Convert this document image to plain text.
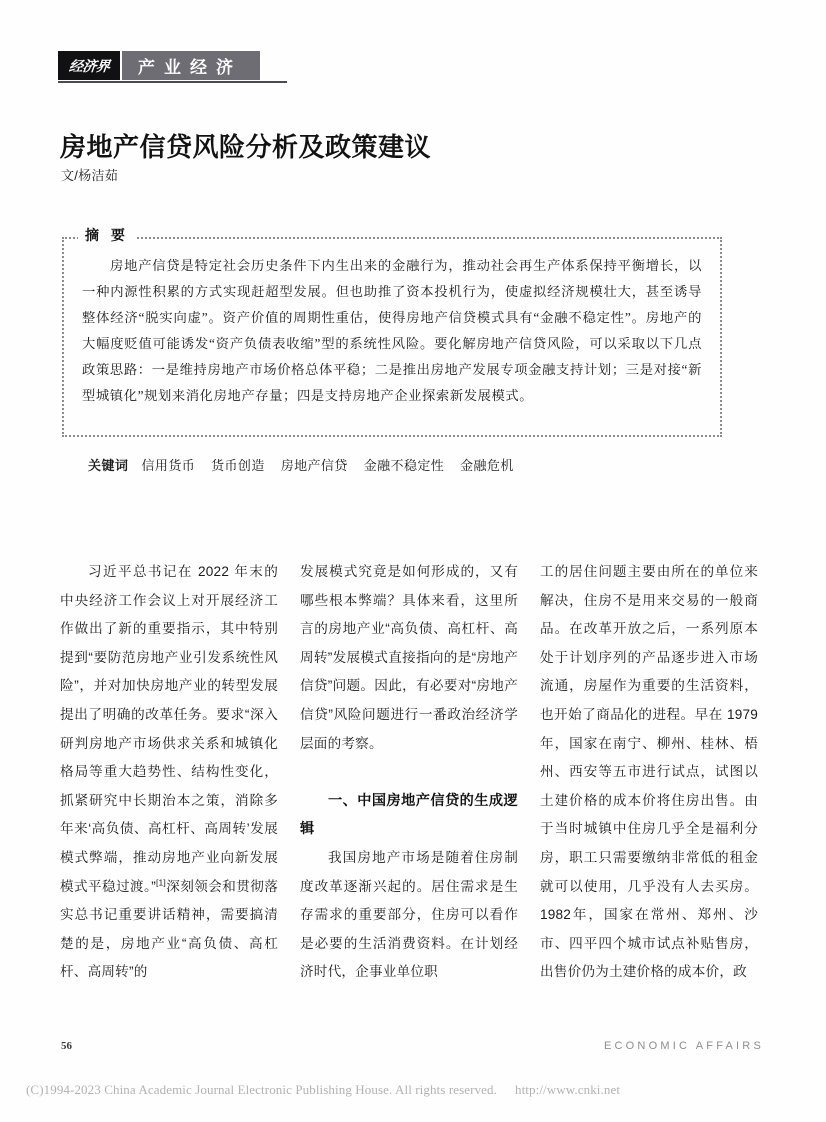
经济界 产业经济
房地产信贷风险分析及政策建议
文/杨洁茹
摘 要
房地产信贷是特定社会历史条件下内生出来的金融行为，推动社会再生产体系保持平衡增长，以一种内源性积累的方式实现赶超型发展。但也助推了资本投机行为，使虚拟经济规模壮大，甚至诱导整体经济“脱实向虚”。资产价值的周期性重估，使得房地产信贷模式具有“金融不稳定性”。房地产的大幅度贬值可能诱发“资产负债表收缩”型的系统性风险。要化解房地产信贷风险，可以采取以下几点政策思路：一是维持房地产市场价格总体平稳；二是推出房地产发展专项金融支持计划；三是对接“新型城镇化”规划来消化房地产存量；四是支持房地产企业探索新发展模式。
关键词 信用货币 货币创造 房地产信贷 金融不稳定性 金融危机

习近平总书记在 2022 年末的中央经济工作会议上对开展经济工作做出了新的重要指示，其中特别提到“要防范房地产业引发系统性风险”，并对加快房地产业的转型发展提出了明确的改革任务。要求“深入研判房地产市场供求关系和城镇化格局等重大趋势性、结构性变化，抓紧研究中长期治本之策，消除多年来‘高负债、高杠杆、高周转’发展模式弊端，推动房地产业向新发展模式平稳过渡。”[1]深刻领会和贯彻落实总书记重要讲话精神，需要搞清楚的是，房地产业“高负债、高杠杆、高周转”的

发展模式究竟是如何形成的，又有哪些根本弊端？具体来看，这里所言的房地产业“高负债、高杠杆、高周转”发展模式直接指向的是“房地产信贷”问题。因此，有必要对“房地产信贷”风险问题进行一番政治经济学层面的考察。

一、中国房地产信贷的生成逻辑

我国房地产市场是随着住房制度改革逐渐兴起的。居住需求是生存需求的重要部分，住房可以看作是必要的生活消费资料。在计划经济时代，企事业单位职

工的居住问题主要由所在的单位来解决，住房不是用来交易的一般商品。在改革开放之后，一系列原本处于计划序列的产品逐步进入市场流通，房屋作为重要的生活资料，也开始了商品化的进程。早在 1979 年，国家在南宁、柳州、桂林、梧州、西安等五市进行试点，试图以土建价格的成本价将住房出售。由于当时城镇中住房几乎全是福利分房，职工只需要缴纳非常低的租金就可以使用，几乎没有人去买房。1982年，国家在常州、郑州、沙市、四平四个城市试点补贴售房，出售价仍为土建价格的成本价，政

56	ECONOMIC AFFAIRS
(C)1994-2023 China Academic Journal Electronic Publishing House. All rights reserved. http://www.cnki.net
